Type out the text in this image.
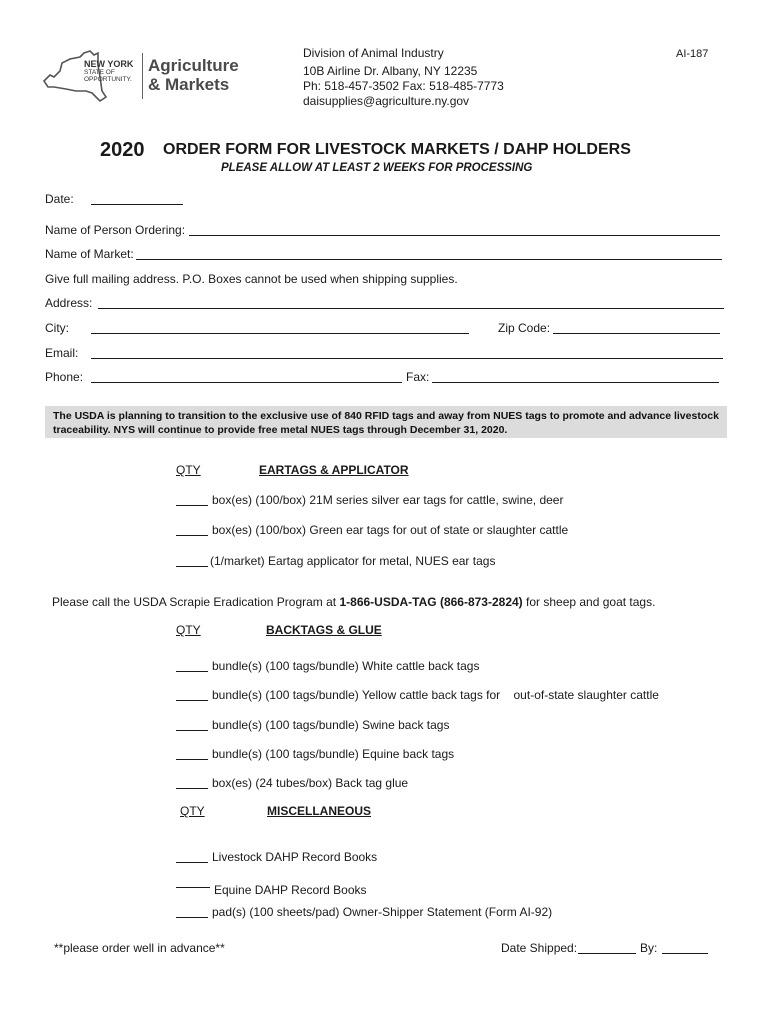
NEW YORK
STATE OF
OPPORTUNITY.
Agriculture
& Markets
Division of Animal Industry	AI-187
10B Airline Dr. Albany, NY 12235
Ph: 518-457-3502 Fax: 518-485-7773
daisupplies@agriculture.ny.gov
2020 ORDER FORM FOR LIVESTOCK MARKETS / DAHP HOLDERS
PLEASE ALLOW AT LEAST 2 WEEKS FOR PROCESSING
Date:
Name of Person Ordering:
Name of Market:
Give full mailing address. P.O. Boxes cannot be used when shipping supplies.
Address:
City:	Zip Code:
Email:
Phone:	Fax:
The USDA is planning to transition to the exclusive use of 840 RFID tags and away from NUES tags to promote and advance livestock traceability. NYS will continue to provide free metal NUES tags through December 31, 2020.
QTY	EARTAGS & APPLICATOR
box(es) (100/box) 21M series silver ear tags for cattle, swine, deer
box(es) (100/box) Green ear tags for out of state or slaughter cattle
(1/market) Eartag applicator for metal, NUES ear tags
Please call the USDA Scrapie Eradication Program at 1-866-USDA-TAG (866-873-2824) for sheep and goat tags.
QTY	BACKTAGS & GLUE
bundle(s) (100 tags/bundle) White cattle back tags
bundle(s) (100 tags/bundle) Yellow cattle back tags for    out-of-state slaughter cattle
bundle(s) (100 tags/bundle) Swine back tags
bundle(s) (100 tags/bundle) Equine back tags
box(es) (24 tubes/box) Back tag glue
QTY	MISCELLANEOUS
Livestock DAHP Record Books
Equine DAHP Record Books
pad(s) (100 sheets/pad) Owner-Shipper Statement (Form AI-92)
**please order well in advance**	Date Shipped:	By:
